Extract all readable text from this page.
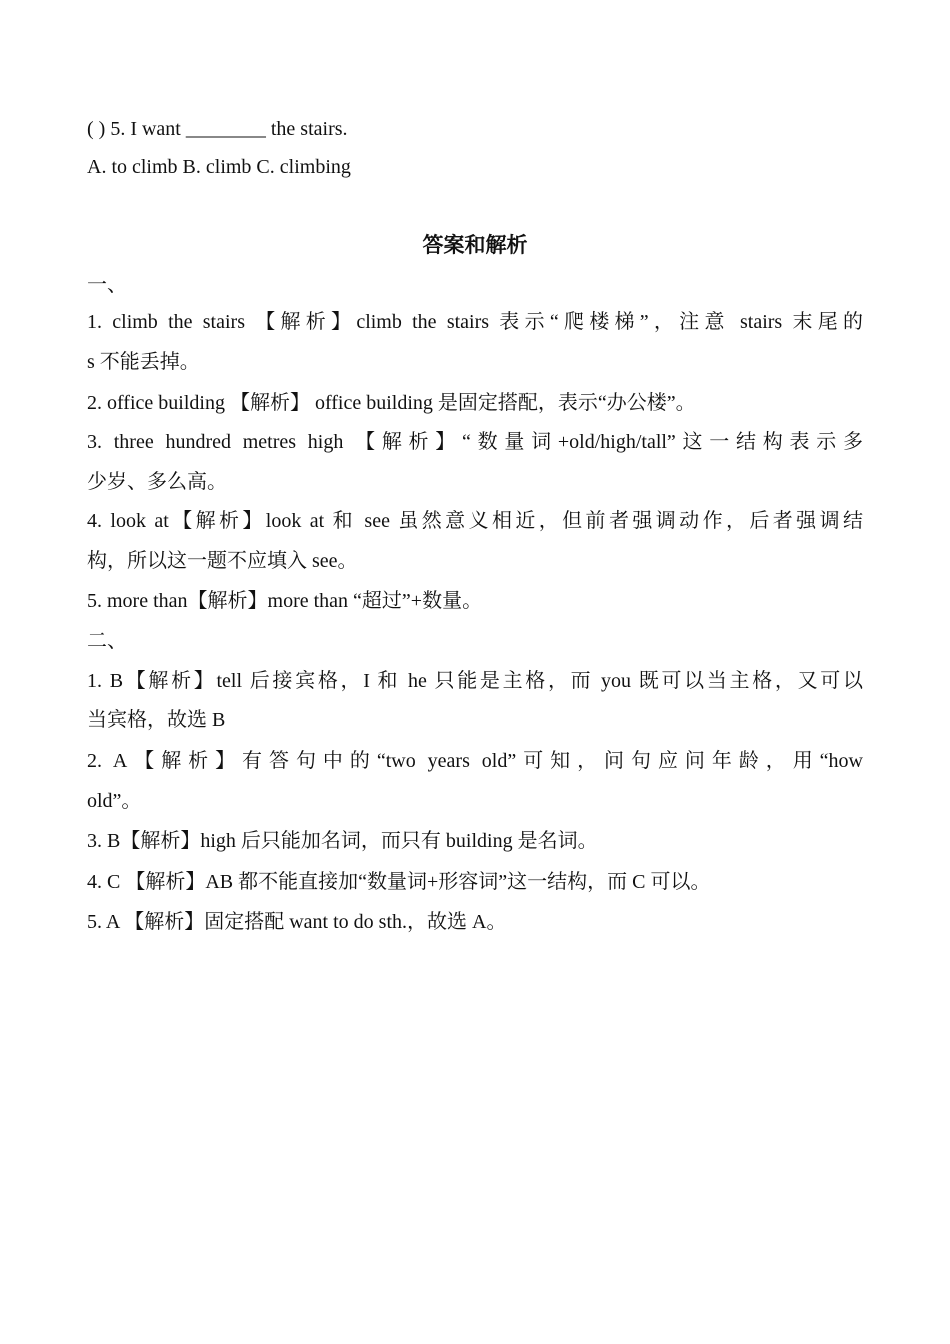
( ) 5. I want ________ the stairs.
A. to climb B. climb C. climbing
答案和解析
一、
1. climb the stairs 【解析】climb the stairs 表示“爬楼梯”，注意 stairs 末尾的
s 不能丢掉。
2. office building 【解析】 office building 是固定搭配，表示“办公楼”。
3. three hundred metres high 【解析】“数量词+old/high/tall”这一结构表示多
少岁、多么高。
4. look at【解析】look at 和 see 虽然意义相近，但前者强调动作，后者强调结
构，所以这一题不应填入 see。
5. more than【解析】more than “超过”+数量。
二、
1. B【解析】tell 后接宾格，I 和 he 只能是主格，而 you 既可以当主格，又可以
当宾格，故选 B
2. A【解析】有答句中的“two years old”可知，问句应问年龄，用“how
old”。
3. B【解析】high 后只能加名词，而只有 building 是名词。
4. C 【解析】AB 都不能直接加“数量词+形容词”这一结构，而 C 可以。
5. A 【解析】固定搭配 want to do sth.，故选 A。
